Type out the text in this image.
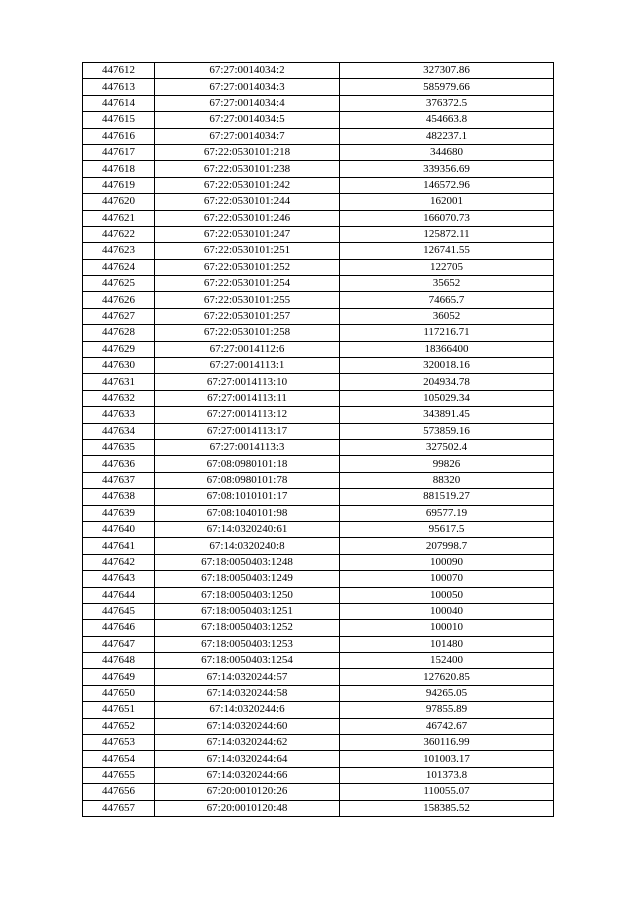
447612	67:27:0014034:2	327307.86
447613	67:27:0014034:3	585979.66
447614	67:27:0014034:4	376372.5
447615	67:27:0014034:5	454663.8
447616	67:27:0014034:7	482237.1
447617	67:22:0530101:218	344680
447618	67:22:0530101:238	339356.69
447619	67:22:0530101:242	146572.96
447620	67:22:0530101:244	162001
447621	67:22:0530101:246	166070.73
447622	67:22:0530101:247	125872.11
447623	67:22:0530101:251	126741.55
447624	67:22:0530101:252	122705
447625	67:22:0530101:254	35652
447626	67:22:0530101:255	74665.7
447627	67:22:0530101:257	36052
447628	67:22:0530101:258	117216.71
447629	67:27:0014112:6	18366400
447630	67:27:0014113:1	320018.16
447631	67:27:0014113:10	204934.78
447632	67:27:0014113:11	105029.34
447633	67:27:0014113:12	343891.45
447634	67:27:0014113:17	573859.16
447635	67:27:0014113:3	327502.4
447636	67:08:0980101:18	99826
447637	67:08:0980101:78	88320
447638	67:08:1010101:17	881519.27
447639	67:08:1040101:98	69577.19
447640	67:14:0320240:61	95617.5
447641	67:14:0320240:8	207998.7
447642	67:18:0050403:1248	100090
447643	67:18:0050403:1249	100070
447644	67:18:0050403:1250	100050
447645	67:18:0050403:1251	100040
447646	67:18:0050403:1252	100010
447647	67:18:0050403:1253	101480
447648	67:18:0050403:1254	152400
447649	67:14:0320244:57	127620.85
447650	67:14:0320244:58	94265.05
447651	67:14:0320244:6	97855.89
447652	67:14:0320244:60	46742.67
447653	67:14:0320244:62	360116.99
447654	67:14:0320244:64	101003.17
447655	67:14:0320244:66	101373.8
447656	67:20:0010120:26	110055.07
447657	67:20:0010120:48	158385.52
